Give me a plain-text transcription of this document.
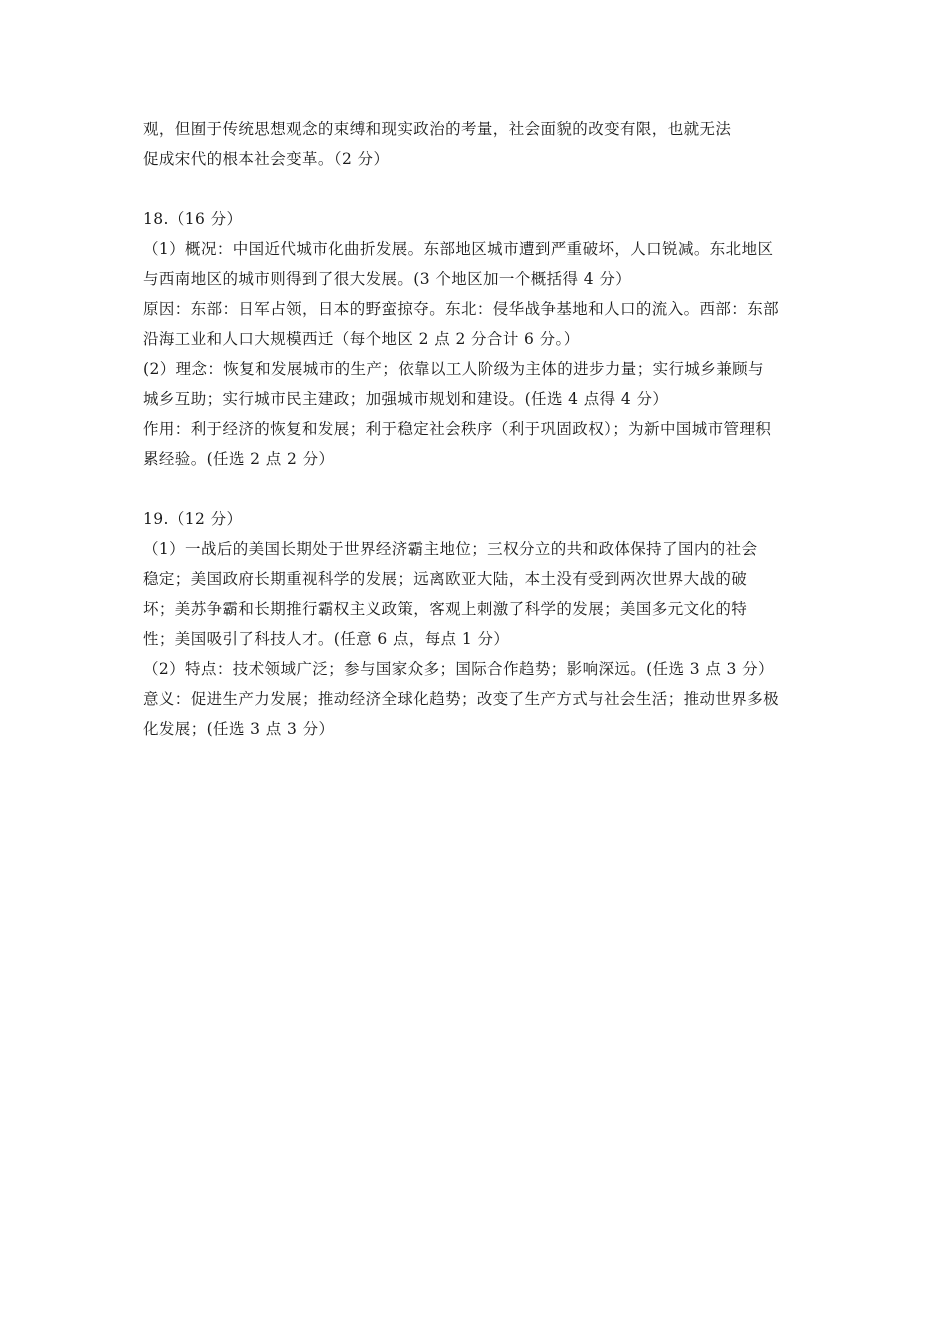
观，但囿于传统思想观念的束缚和现实政治的考量，社会面貌的改变有限，也就无法
促成宋代的根本社会变革。（2 分）
18.（16 分）
（1）概况：中国近代城市化曲折发展。东部地区城市遭到严重破坏，人口锐减。东北地区
与西南地区的城市则得到了很大发展。(3 个地区加一个概括得 4 分）
原因：东部：日军占领，日本的野蛮掠夺。东北：侵华战争基地和人口的流入。西部：东部
沿海工业和人口大规模西迁（每个地区 2 点 2 分合计 6 分。）
(2）理念：恢复和发展城市的生产；依靠以工人阶级为主体的进步力量；实行城乡兼顾与
城乡互助；实行城市民主建政；加强城市规划和建设。(任选 4 点得 4 分）
作用：利于经济的恢复和发展；利于稳定社会秩序（利于巩固政权）；为新中国城市管理积
累经验。(任选 2 点 2 分）
19.（12 分）
（1）一战后的美国长期处于世界经济霸主地位；三权分立的共和政体保持了国内的社会
稳定；美国政府长期重视科学的发展；远离欧亚大陆，本土没有受到两次世界大战的破
坏；美苏争霸和长期推行霸权主义政策，客观上刺激了科学的发展；美国多元文化的特
性；美国吸引了科技人才。(任意 6 点，每点 1 分）
（2）特点：技术领域广泛；参与国家众多；国际合作趋势；影响深远。(任选 3 点 3 分）
意义：促进生产力发展；推动经济全球化趋势；改变了生产方式与社会生活；推动世界多极
化发展；(任选 3 点 3 分）
